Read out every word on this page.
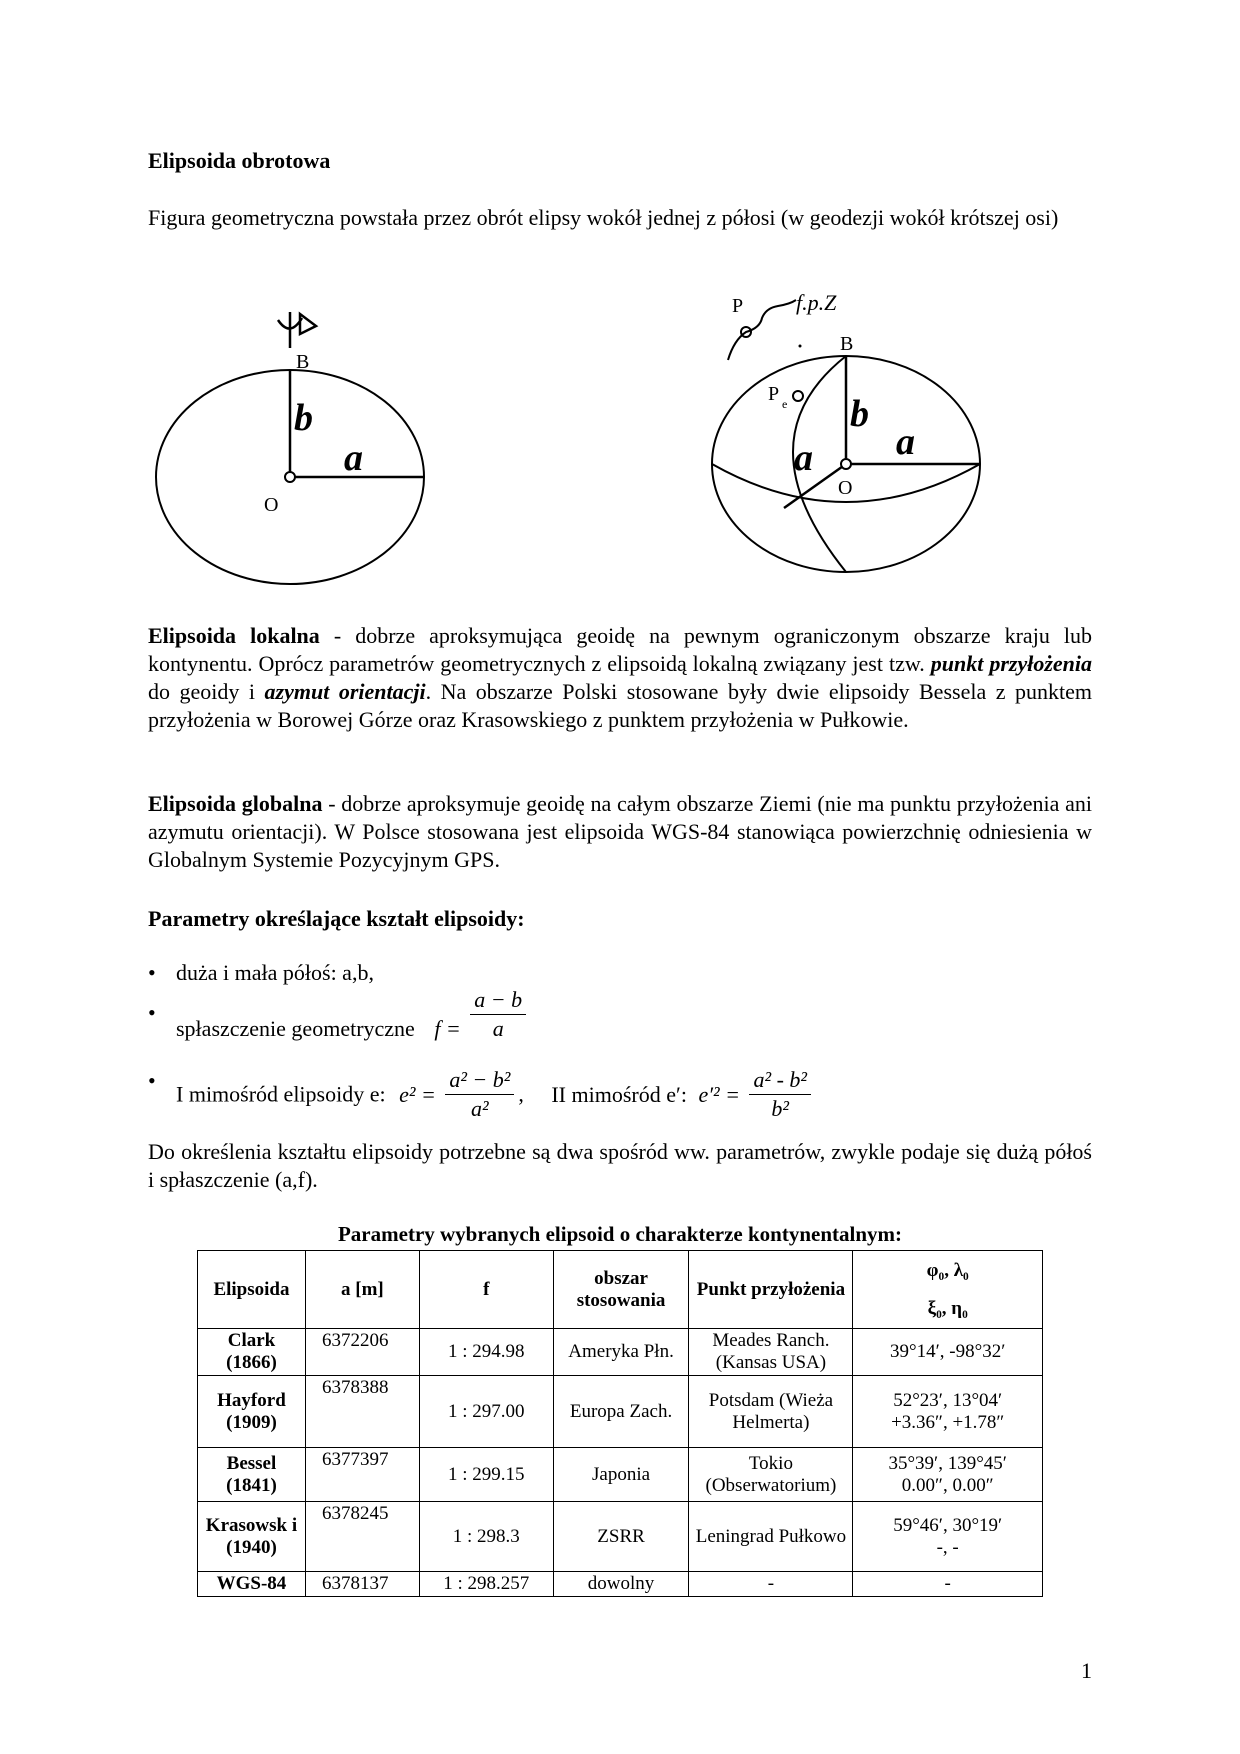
Elipsoida obrotowa
Figura geometryczna powstała przez obrót elipsy wokół jednej z półosi (w geodezji wokół krótszej osi)
B
b
a
O
P f.p.Z
B
P e b
a a
O
Elipsoida lokalna - dobrze aproksymująca geoidę na pewnym ograniczonym obszarze kraju lub kontynentu. Oprócz parametrów geometrycznych z elipsoidą lokalną związany jest tzw. punkt przyłożenia do geoidy i azymut orientacji. Na obszarze Polski stosowane były dwie elipsoidy Bessela z punktem przyłożenia w Borowej Górze oraz Krasowskiego z punktem przyłożenia w Pułkowie.
Elipsoida globalna - dobrze aproksymuje geoidę na całym obszarze Ziemi (nie ma punktu przyłożenia ani azymutu orientacji). W Polsce stosowana jest elipsoida WGS-84 stanowiąca powierzchnię odniesienia w Globalnym Systemie Pozycyjnym GPS.
Parametry określające kształt elipsoidy:
• duża i mała półoś: a,b,
• spłaszczenie geometryczne $f = \frac{a - b}{a}$
• I mimośród elipsoidy e: $e^2 = \frac{\text{a² − b²}}{\text{a²}}$ , II mimośród e′: $e'^2 = \frac{\text{a² - b²}}{\text{b²}}$
Do określenia kształtu elipsoidy potrzebne są dwa spośród ww. parametrów, zwykle podaje się dużą półoś i spłaszczenie (a,f).
Parametry wybranych elipsoid o charakterze kontynentalnym:
Elipsoida	a [m]	f	obszar stosowania	Punkt przyłożenia	φ₀, λ₀
ξ₀, η₀

Clark (1866)	6372206	1 : 294.98	Ameryka Płn.	Meades Ranch. (Kansas USA)	39°14′, -98°32′

Hayford (1909)	6378388	1 : 297.00	Europa Zach.	Potsdam (Wieża Helmerta)	52°23′, 13°04′
+3.36″, +1.78″

Bessel (1841)	6377397	1 : 299.15	Japonia	Tokio (Obserwatorium)	35°39′, 139°45′
0.00″, 0.00″

Krasowsk i (1940)	6378245	1 : 298.3	ZSRR	Leningrad Pułkowo	59°46′, 30°19′
-, -

WGS-84	6378137	1 : 298.257	dowolny	-	-
1
